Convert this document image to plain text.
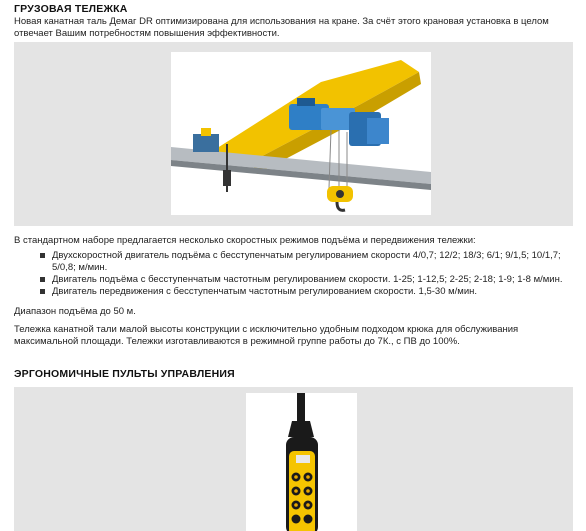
ГРУЗОВАЯ ТЕЛЕЖКА
Новая канатная таль Демаг DR оптимизирована для использования на кране. За счёт этого крановая установка в целом отвечает Вашим потребностям повышения эффективности.
В стандартном наборе предлагается несколько скоростных режимов подъёма и передвижения тележки:
Двухскоростной двигатель подъёма с бесступенчатым регулированием скорости 4/0,7; 12/2; 18/3; 6/1; 9/1,5; 10/1,7; 5/0,8; м/мин.
Двигатель подъёма с бесступенчатым частотным регулированием скорости. 1-25; 1-12,5; 2-25; 2-18; 1-9; 1-8 м/мин.
Двигатель передвижения с бесступенчатым частотным регулированием скорости. 1,5-30 м/мин.
Диапазон подъёма до 50 м.
Тележка канатной тали малой высоты конструкции с исключительно удобным подходом крюка для обслуживания максимальной площади. Тележки изготавливаются в режимной группе работы до 7К., с ПВ до 100%.
ЭРГОНОМИЧНЫЕ ПУЛЬТЫ УПРАВЛЕНИЯ
